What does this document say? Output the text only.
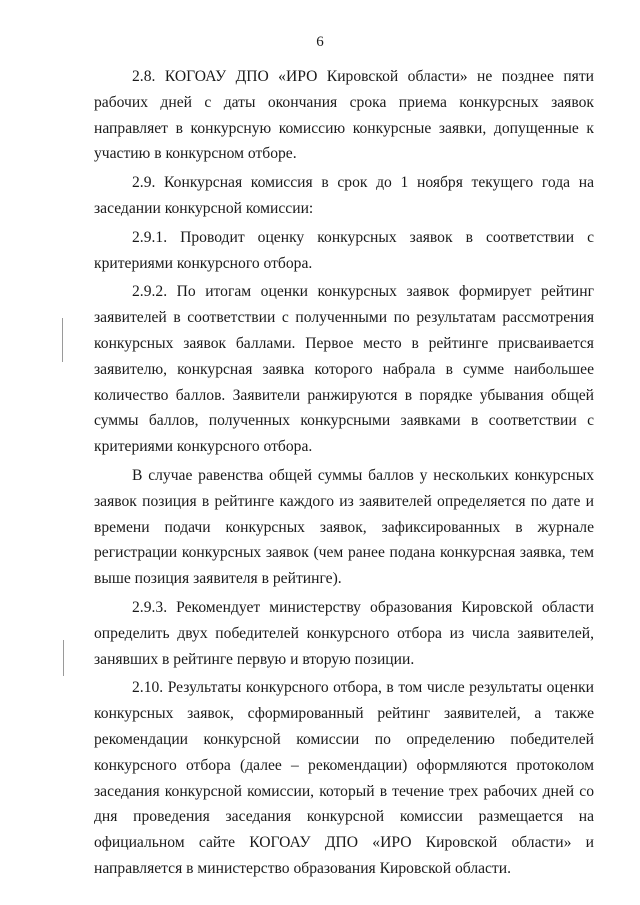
6

2.8. КОГОАУ ДПО «ИРО Кировской области» не позднее пяти рабочих дней с даты окончания срока приема конкурсных заявок направляет в конкурсную комиссию конкурсные заявки, допущенные к участию в конкурсном отборе.

2.9. Конкурсная комиссия в срок до 1 ноября текущего года на заседании конкурсной комиссии:

2.9.1. Проводит оценку конкурсных заявок в соответствии с критериями конкурсного отбора.

2.9.2. По итогам оценки конкурсных заявок формирует рейтинг заявителей в соответствии с полученными по результатам рассмотрения конкурсных заявок баллами. Первое место в рейтинге присваивается заявителю, конкурсная заявка которого набрала в сумме наибольшее количество баллов. Заявители ранжируются в порядке убывания общей суммы баллов, полученных конкурсными заявками в соответствии с критериями конкурсного отбора.

В случае равенства общей суммы баллов у нескольких конкурсных заявок позиция в рейтинге каждого из заявителей определяется по дате и времени подачи конкурсных заявок, зафиксированных в журнале регистрации конкурсных заявок (чем ранее подана конкурсная заявка, тем выше позиция заявителя в рейтинге).

2.9.3. Рекомендует министерству образования Кировской области определить двух победителей конкурсного отбора из числа заявителей, занявших в рейтинге первую и вторую позиции.

2.10. Результаты конкурсного отбора, в том числе результаты оценки конкурсных заявок, сформированный рейтинг заявителей, а также рекомендации конкурсной комиссии по определению победителей конкурсного отбора (далее – рекомендации) оформляются протоколом заседания конкурсной комиссии, который в течение трех рабочих дней со дня проведения заседания конкурсной комиссии размещается на официальном сайте КОГОАУ ДПО «ИРО Кировской области» и направляется в министерство образования Кировской области.
